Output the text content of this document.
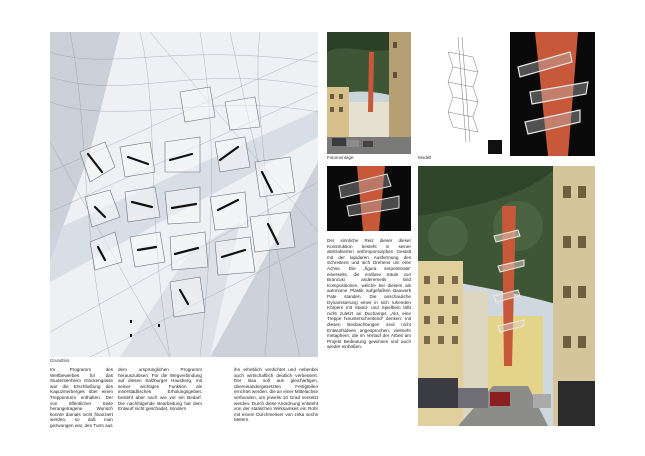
Grundriss
Im Programm des Wettbewerbes für das Studentenheim Glockengasse war die Erschließung des Kapuzinerberges über einen Treppenturm enthalten. Der von öffentlicher Seite herangetragene Wunsch konnte damals nicht finanziert werden, so daß man gezwungen war, den Turm aus
dem ursprünglichen Programm herauszulösen. Für die Wegverbindung auf diesen Salzburger Hausberg, mit seiner wichtigen Funktion als innerstädtisches Erholungsgebiet, besteht aber nach wie vor ein Bedarf. Die nachfolgende Bearbeitung hat dem Entwurf nicht geschadet, sondern
ihn erheblich verdichtet und nebenbei auch wirtschaftlich deutlich verbessert. Der Bau soll aus gleichartigen, übereinandergesetzten Fertigteilen errichtet werden, die an einer Mittelachse verbunden, um jeweils 10 Grad versetzt werden. Durch diese Anordnung entsteht von der statischen Wirksamkeit ein Rohr mit einem Durchmesser von zirka sechs Metern.
Der sinnliche Reiz dieser dieser Konstruktion besteht in seiner abstrahierten anthropomorphen Gestalt mit der lapidaren Ausformung des Schreitens und sich Drehens um eine Achse. Die „figura serpentinata“ einerseits, die endlose Säule von Brancusi andererseits sind Kompositionen, welche bei diesem als autonome Plastik aufgefaßten Bauwerk Pate standen. Die anschauliche Dynamisierung eines in sich ruhenden Körpers mit Stand- und Spielbein läßt nicht zuletzt an Duchamps „Akt, eine Treppe hinunterschreitend“ denken: mit diesen Beobachtungen sind nicht Entwurfsideen angesprochen, vielmehr metaphern, die im Verlauf der Arbeit am Projekt Bedeutung gewinnen und auch wieder einbüßen.
Fotomontage	Modell
